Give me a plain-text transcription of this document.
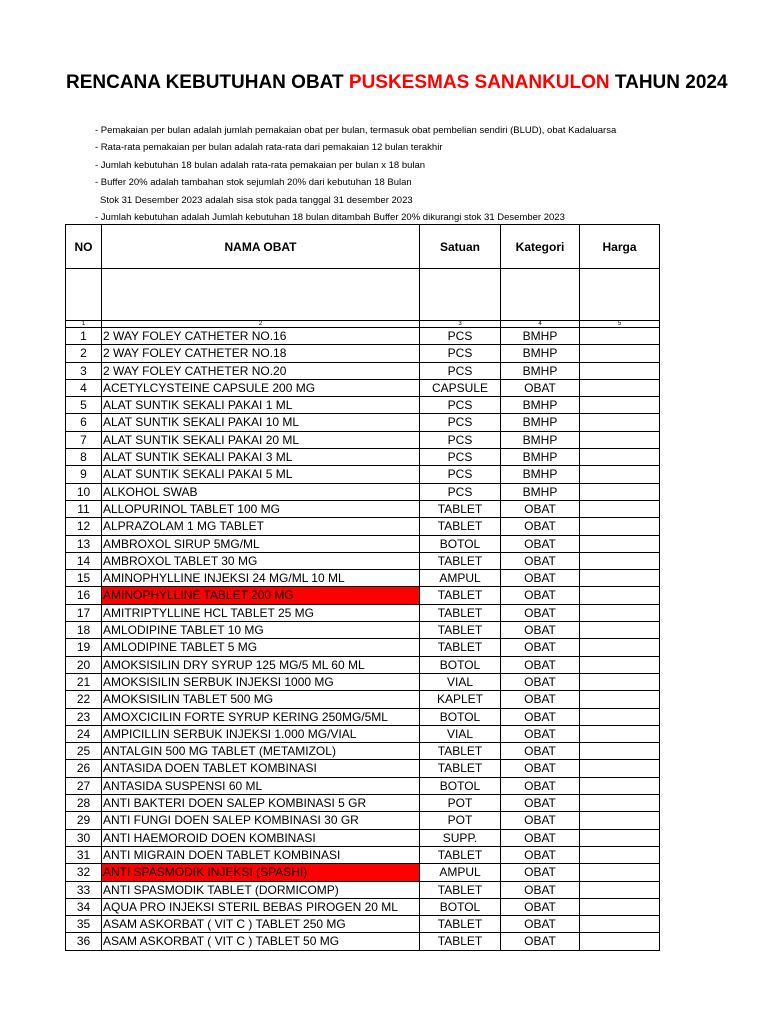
RENCANA KEBUTUHAN OBAT PUSKESMAS SANANKULON TAHUN 2024
- Pemakaian per bulan adalah jumlah pemakaian obat per bulan, termasuk obat pembelian sendiri (BLUD), obat Kadaluarsa
- Rata-rata pemakaian per bulan adalah rata-rata dari pemakaian 12 bulan terakhir
- Jumlah kebutuhan 18 bulan adalah rata-rata pemakaian per bulan x 18 bulan
- Buffer 20% adalah tambahan stok sejumlah 20% dari kebutuhan 18 Bulan
Stok 31 Desember 2023 adalah sisa stok pada tanggal 31 desember 2023
- Jumlah kebutuhan adalah Jumlah kebutuhan 18 bulan ditambah Buffer 20% dikurangi stok 31 Desember 2023
NO	NAMA OBAT	Satuan	Kategori	Harga

1	2	3	4	5
1	2 WAY FOLEY CATHETER NO.16	PCS	BMHP	
2	2 WAY FOLEY CATHETER NO.18	PCS	BMHP	
3	2 WAY FOLEY CATHETER NO.20	PCS	BMHP	
4	ACETYLCYSTEINE CAPSULE 200 MG	CAPSULE	OBAT	
5	ALAT SUNTIK SEKALI PAKAI 1 ML	PCS	BMHP	
6	ALAT SUNTIK SEKALI PAKAI 10 ML	PCS	BMHP	
7	ALAT SUNTIK SEKALI PAKAI 20 ML	PCS	BMHP	
8	ALAT SUNTIK SEKALI PAKAI 3 ML	PCS	BMHP	
9	ALAT SUNTIK SEKALI PAKAI 5 ML	PCS	BMHP	
10	ALKOHOL SWAB	PCS	BMHP	
11	ALLOPURINOL TABLET 100 MG	TABLET	OBAT	
12	ALPRAZOLAM 1 MG TABLET	TABLET	OBAT	
13	AMBROXOL SIRUP 5MG/ML	BOTOL	OBAT	
14	AMBROXOL TABLET 30 MG	TABLET	OBAT	
15	AMINOPHYLLINE INJEKSI 24 MG/ML 10 ML	AMPUL	OBAT	
16	AMINOPHYLLINE TABLET 200 MG	TABLET	OBAT	
17	AMITRIPTYLLINE HCL TABLET 25 MG	TABLET	OBAT	
18	AMLODIPINE TABLET 10 MG	TABLET	OBAT	
19	AMLODIPINE TABLET 5 MG	TABLET	OBAT	
20	AMOKSISILIN DRY SYRUP 125 MG/5 ML 60 ML	BOTOL	OBAT	
21	AMOKSISILIN SERBUK INJEKSI 1000 MG	VIAL	OBAT	
22	AMOKSISILIN TABLET 500 MG	KAPLET	OBAT	
23	AMOXCICILIN FORTE SYRUP KERING 250MG/5ML	BOTOL	OBAT	
24	AMPICILLIN SERBUK INJEKSI 1.000 MG/VIAL	VIAL	OBAT	
25	ANTALGIN 500 MG TABLET (METAMIZOL)	TABLET	OBAT	
26	ANTASIDA DOEN TABLET KOMBINASI	TABLET	OBAT	
27	ANTASIDA SUSPENSI 60 ML	BOTOL	OBAT	
28	ANTI BAKTERI DOEN SALEP KOMBINASI 5 GR	POT	OBAT	
29	ANTI FUNGI DOEN SALEP KOMBINASI 30 GR	POT	OBAT	
30	ANTI HAEMOROID DOEN KOMBINASI	SUPP.	OBAT	
31	ANTI MIGRAIN DOEN TABLET KOMBINASI	TABLET	OBAT	
32	ANTI SPASMODIK INJEKSI (SPASHI)	AMPUL	OBAT	
33	ANTI SPASMODIK TABLET (DORMICOMP)	TABLET	OBAT	
34	AQUA PRO INJEKSI STERIL BEBAS PIROGEN 20 ML	BOTOL	OBAT	
35	ASAM ASKORBAT ( VIT C ) TABLET 250 MG	TABLET	OBAT	
36	ASAM ASKORBAT ( VIT C ) TABLET 50 MG	TABLET	OBAT	
